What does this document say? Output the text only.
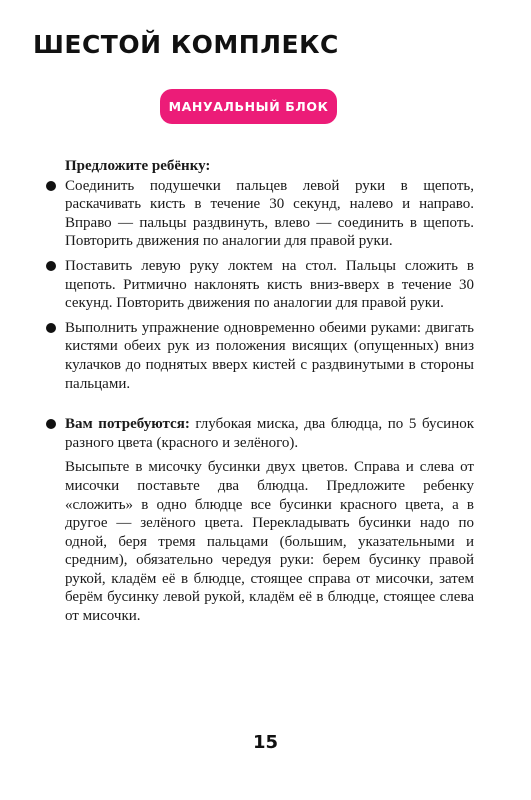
ШЕСТОЙ КОМПЛЕКС
МАНУАЛЬНЫЙ БЛОК

Предложите ребёнку:

Соединить подушечки пальцев левой руки в щепоть, раскачивать кисть в течение 30 секунд, налево и направо. Вправо — пальцы раздвинуть, влево — соединить в щепоть. Повторить движения по аналогии для правой руки.
Поставить левую руку локтем на стол. Пальцы сложить в щепоть. Ритмично наклонять кисть вниз-вверх в течение 30 секунд. Повторить движения по аналогии для правой руки.
Выполнить упражнение одновременно обеими руками: двигать кистями обеих рук из положения висящих (опущенных) вниз кулачков до поднятых вверх кистей с раздвинутыми в стороны пальцами.
Вам потребуются: глубокая миска, два блюдца, по 5 бусинок разного цвета (красного и зелёного).

Высыпьте в мисочку бусинки двух цветов. Справа и слева от мисочки поставьте два блюдца. Предложите ребенку «сложить» в одно блюдце все бусинки красного цвета, а в другое — зелёного цвета. Перекладывать бусинки надо по одной, беря тремя пальцами (большим, указательными и средним), обязательно чередуя руки: берем бусинку правой рукой, кладём её в блюдце, стоящее справа от мисочки, затем берём бусинку левой рукой, кладём её в блюдце, стоящее слева от мисочки.

15
